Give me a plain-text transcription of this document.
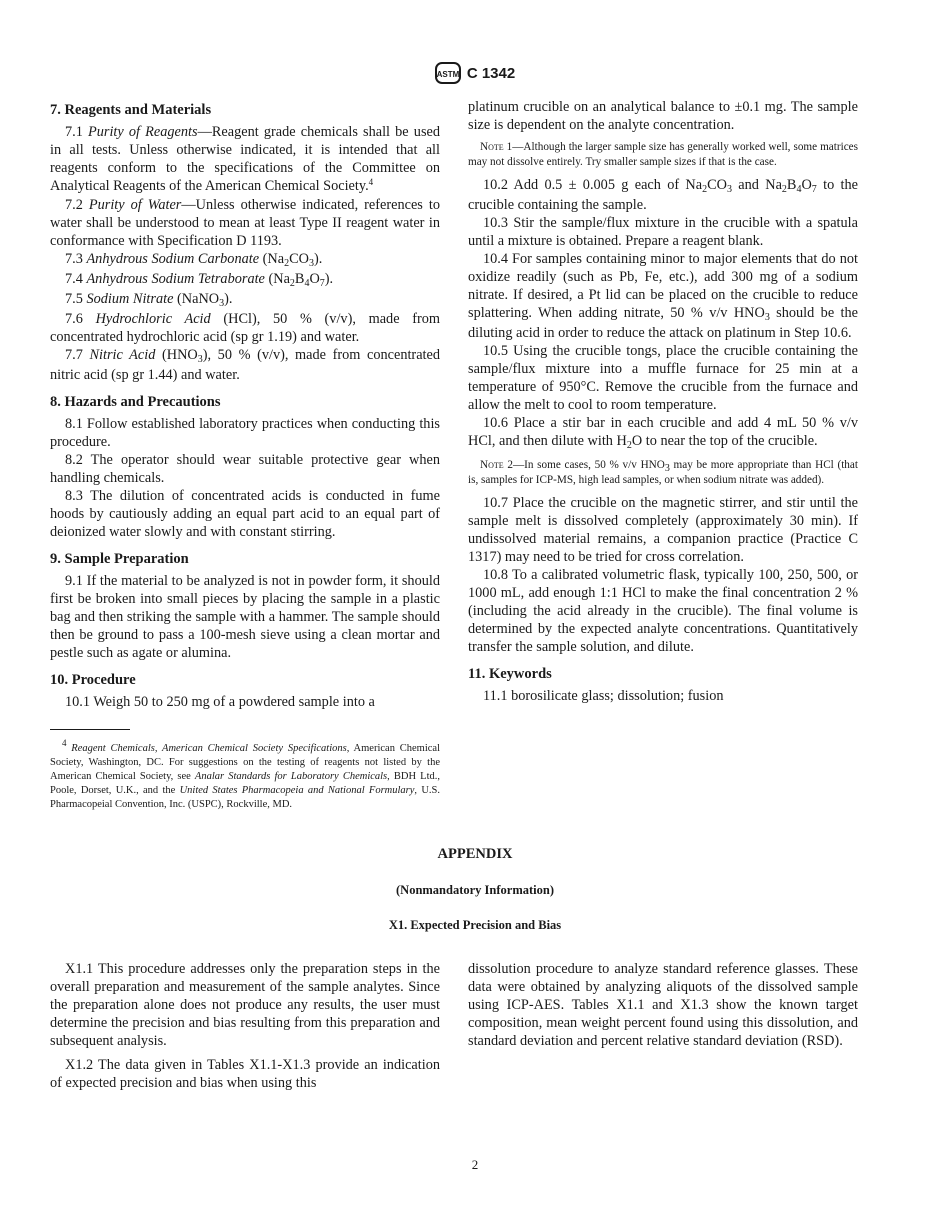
ASTM C 1342
7. Reagents and Materials

7.1 Purity of Reagents—Reagent grade chemicals shall be used in all tests. Unless otherwise indicated, it is intended that all reagents conform to the specifications of the Committee on Analytical Reagents of the American Chemical Society.$^4$

7.2 Purity of Water—Unless otherwise indicated, references to water shall be understood to mean at least Type II reagent water in conformance with Specification D 1193.

7.3 Anhydrous Sodium Carbonate $(Na_2CO_3)$.

7.4 Anhydrous Sodium Tetraborate $(Na_2B_4O_7)$.

7.5 Sodium Nitrate (NaNO$_3$).

7.6 Hydrochloric Acid (HCl), 50 % (v/v), made from concentrated hydrochloric acid (sp gr 1.19) and water.

7.7 Nitric Acid $(HNO_3)$, 50 % (v/v), made from concentrated nitric acid (sp gr 1.44) and water.

8. Hazards and Precautions

8.1 Follow established laboratory practices when conducting this procedure.

8.2 The operator should wear suitable protective gear when handling chemicals.

8.3 The dilution of concentrated acids is conducted in fume hoods by cautiously adding an equal part acid to an equal part of deionized water slowly and with constant stirring.

9. Sample Preparation

9.1 If the material to be analyzed is not in powder form, it should first be broken into small pieces by placing the sample in a plastic bag and then striking the sample with a hammer. The sample should then be ground to pass a 100-mesh sieve using a clean mortar and pestle such as agate or alumina.

10. Procedure

10.1 Weigh 50 to 250 mg of a powdered sample into a

4 Reagent Chemicals, American Chemical Society Specifications, American Chemical Society, Washington, DC. For suggestions on the testing of reagents not listed by the American Chemical Society, see Analar Standards for Laboratory Chemicals, BDH Ltd., Poole, Dorset, U.K., and the United States Pharmacopeia and National Formulary, U.S. Pharmacopeial Convention, Inc. (USPC), Rockville, MD.

platinum crucible on an analytical balance to ±0.1 mg. The sample size is dependent on the analyte concentration.

Note 1—Although the larger sample size has generally worked well, some matrices may not dissolve entirely. Try smaller sample sizes if that is the case.

10.2 Add 0.5 ± 0.005 g each of $Na_2CO_3$ and $Na_2B_4O_7$ to the crucible containing the sample.

10.3 Stir the sample/flux mixture in the crucible with a spatula until a mixture is obtained. Prepare a reagent blank.

10.4 For samples containing minor to major elements that do not oxidize readily (such as Pb, Fe, etc.), add 300 mg of a sodium nitrate. If desired, a Pt lid can be placed on the crucible to reduce splattering. When adding nitrate, 50 % v/v $HNO_3$ should be the diluting acid in order to reduce the attack on platinum in Step 10.6.

10.5 Using the crucible tongs, place the crucible containing the sample/flux mixture into a muffle furnace for 25 min at a temperature of 950°C. Remove the crucible from the furnace and allow the melt to cool to room temperature.

10.6 Place a stir bar in each crucible and add 4 mL 50 % v/v HCl, and then dilute with $H_2O$ to near the top of the crucible.

Note 2—In some cases, 50 % v/v HNO3 may be more appropriate than HCl (that is, samples for ICP-MS, high lead samples, or when sodium nitrate was added).

10.7 Place the crucible on the magnetic stirrer, and stir until the sample melt is dissolved completely (approximately 30 min). If undissolved material remains, a companion practice (Practice C 1317) may need to be tried for cross correlation.

10.8 To a calibrated volumetric flask, typically 100, 250, 500, or 1000 mL, add enough 1:1 HCl to make the final concentration 2 % (including the acid already in the crucible). The final volume is determined by the expected analyte concentrations. Quantitatively transfer the sample solution, and dilute.

11. Keywords

11.1 borosilicate glass; dissolution; fusion

APPENDIX
(Nonmandatory Information)
X1. Expected Precision and Bias

X1.1 This procedure addresses only the preparation steps in the overall preparation and measurement of the sample analytes. Since the preparation alone does not produce any results, the user must determine the precision and bias resulting from this preparation and subsequent analysis.

X1.2 The data given in Tables X1.1-X1.3 provide an indication of expected precision and bias when using this

dissolution procedure to analyze standard reference glasses. These data were obtained by analyzing aliquots of the dissolved sample using ICP-AES. Tables X1.1 and X1.3 show the known target composition, mean weight percent found using this dissolution, and standard deviation and percent relative standard deviation (RSD).

2
